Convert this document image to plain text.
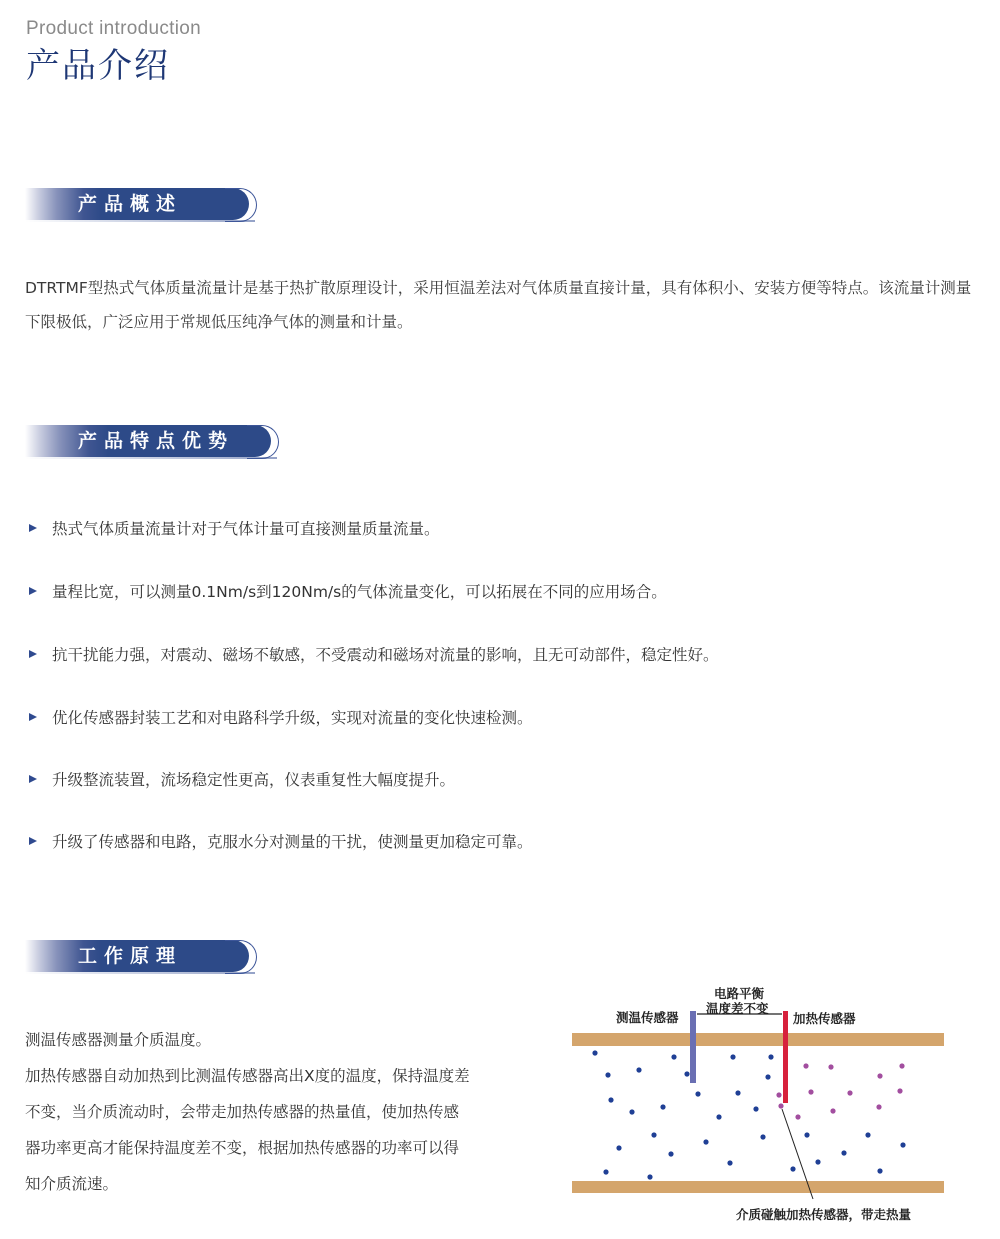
Product introduction
产品介绍
产品概述
DTRTMF型热式气体质量流量计是基于热扩散原理设计，采用恒温差法对气体质量直接计量，具有体积小、安装方便等特点。该流量计测量下限极低，广泛应用于常规低压纯净气体的测量和计量。
产品特点优势
热式气体质量流量计对于气体计量可直接测量质量流量。
量程比宽，可以测量0.1Nm/s到120Nm/s的气体流量变化，可以拓展在不同的应用场合。
抗干扰能力强，对震动、磁场不敏感，不受震动和磁场对流量的影响，且无可动部件，稳定性好。
优化传感器封装工艺和对电路科学升级，实现对流量的变化快速检测。
升级整流装置，流场稳定性更高，仪表重复性大幅度提升。
升级了传感器和电路，克服水分对测量的干扰，使测量更加稳定可靠。
工作原理

测温传感器测量介质温度。

加热传感器自动加热到比测温传感器高出X度的温度，保持温度差

不变，当介质流动时，会带走加热传感器的热量值，使加热传感

器功率更高才能保持温度差不变，根据加热传感器的功率可以得

知介质流速。

测温传感器
电路平衡
温度差不变
加热传感器
介质碰触加热传感器，带走热量
